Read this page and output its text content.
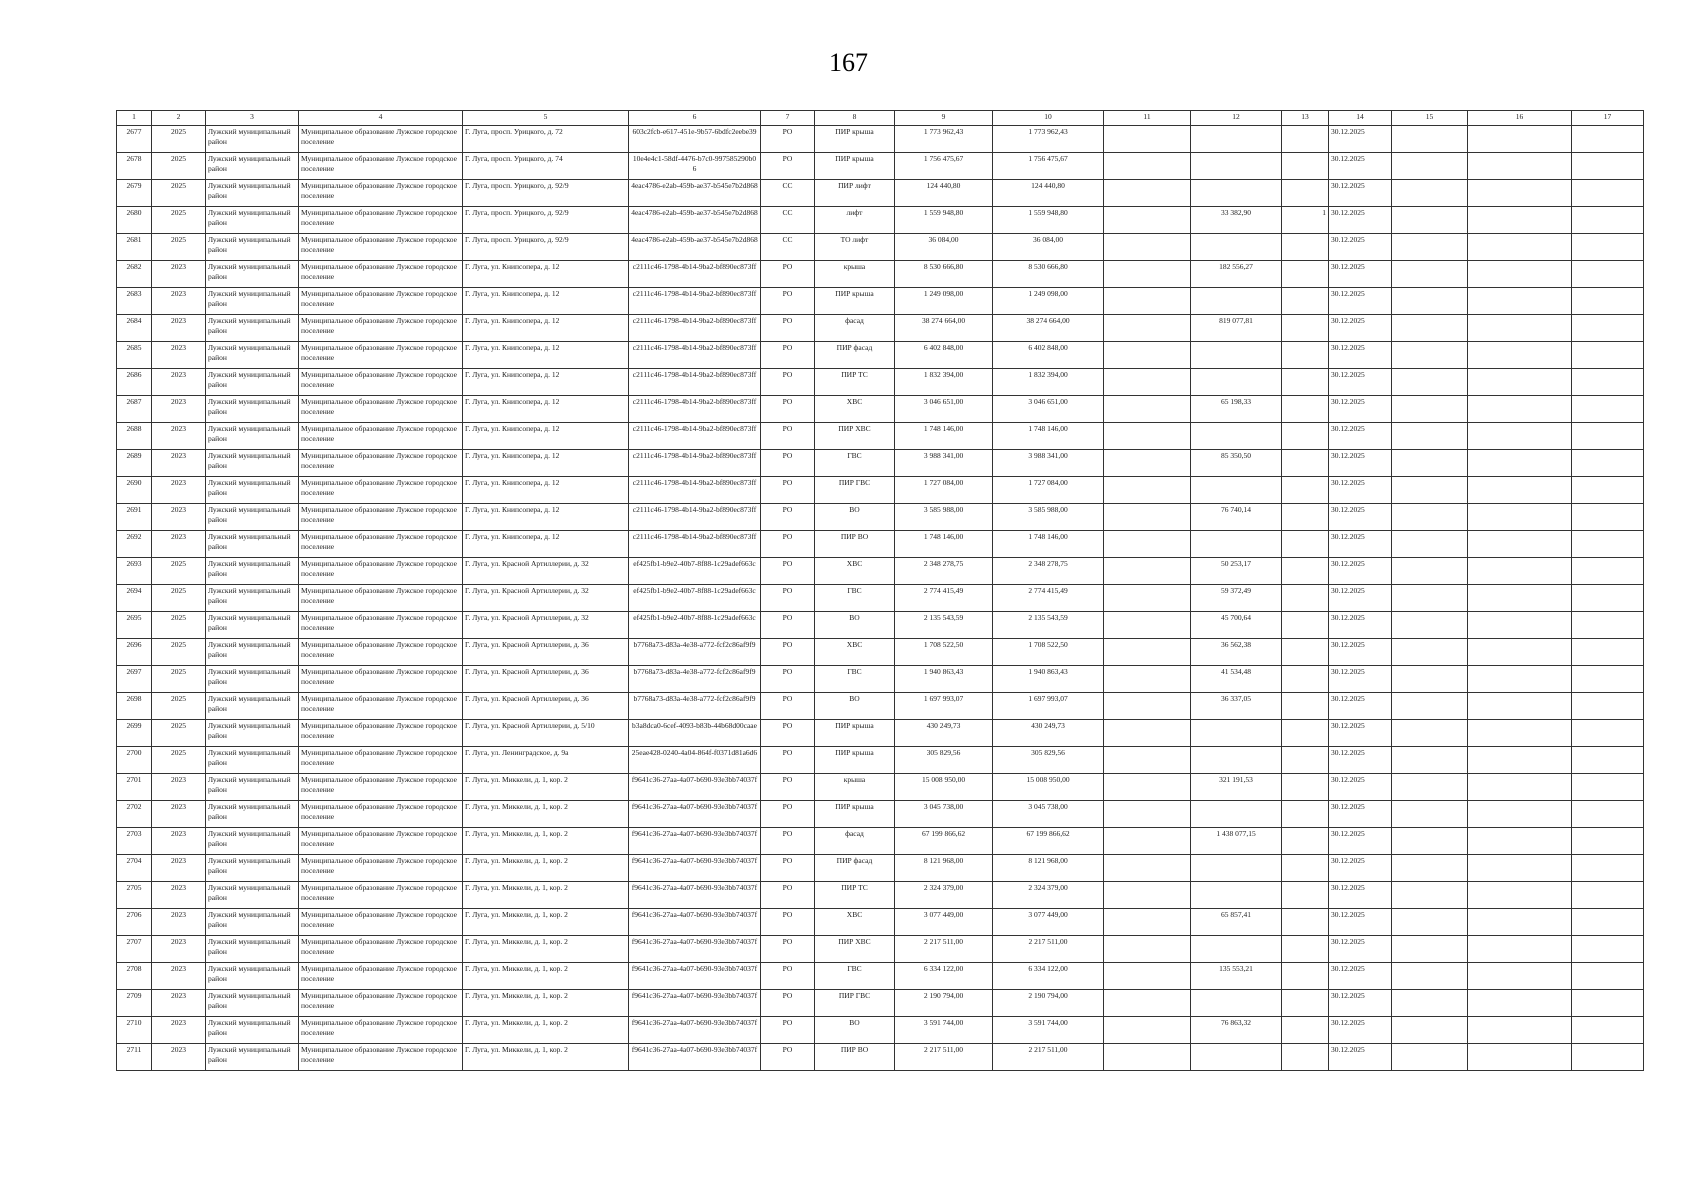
167
1	2	3	4	5	6	7	8	9	10	11	12	13	14	15	16	17
2677	2025	Лужский муниципальный район	Муниципальное образование Лужское городское поселение	Г. Луга, просп. Урицкого, д. 72	603c2fcb-e617-451e-9b57-6bdfc2eebe39	РО	ПИР крыша	1 773 962,43	1 773 962,43				30.12.2025			
2678	2025	Лужский муниципальный район	Муниципальное образование Лужское городское поселение	Г. Луга, просп. Урицкого, д. 74	10e4e4c1-58df-4476-b7c0-997585290b06	РО	ПИР крыша	1 756 475,67	1 756 475,67				30.12.2025			
2679	2025	Лужский муниципальный район	Муниципальное образование Лужское городское поселение	Г. Луга, просп. Урицкого, д. 92/9	4eac4786-e2ab-459b-ae37-b545e7b2d868	СС	ПИР лифт	124 440,80	124 440,80				30.12.2025			
2680	2025	Лужский муниципальный район	Муниципальное образование Лужское городское поселение	Г. Луга, просп. Урицкого, д. 92/9	4eac4786-e2ab-459b-ae37-b545e7b2d868	СС	лифт	1 559 948,80	1 559 948,80		33 382,90	1	30.12.2025			
2681	2025	Лужский муниципальный район	Муниципальное образование Лужское городское поселение	Г. Луга, просп. Урицкого, д. 92/9	4eac4786-e2ab-459b-ae37-b545e7b2d868	СС	ТО лифт	36 084,00	36 084,00				30.12.2025			
2682	2023	Лужский муниципальный район	Муниципальное образование Лужское городское поселение	Г. Луга, ул. Книпсопера, д. 12	c2111c46-1798-4b14-9ba2-bf890ec873ff	РО	крыша	8 530 666,80	8 530 666,80		182 556,27		30.12.2025			
2683	2023	Лужский муниципальный район	Муниципальное образование Лужское городское поселение	Г. Луга, ул. Книпсопера, д. 12	c2111c46-1798-4b14-9ba2-bf890ec873ff	РО	ПИР крыша	1 249 098,00	1 249 098,00				30.12.2025			
2684	2023	Лужский муниципальный район	Муниципальное образование Лужское городское поселение	Г. Луга, ул. Книпсопера, д. 12	c2111c46-1798-4b14-9ba2-bf890ec873ff	РО	фасад	38 274 664,00	38 274 664,00		819 077,81		30.12.2025			
2685	2023	Лужский муниципальный район	Муниципальное образование Лужское городское поселение	Г. Луга, ул. Книпсопера, д. 12	c2111c46-1798-4b14-9ba2-bf890ec873ff	РО	ПИР фасад	6 402 848,00	6 402 848,00				30.12.2025			
2686	2023	Лужский муниципальный район	Муниципальное образование Лужское городское поселение	Г. Луга, ул. Книпсопера, д. 12	c2111c46-1798-4b14-9ba2-bf890ec873ff	РО	ПИР ТС	1 832 394,00	1 832 394,00				30.12.2025			
2687	2023	Лужский муниципальный район	Муниципальное образование Лужское городское поселение	Г. Луга, ул. Книпсопера, д. 12	c2111c46-1798-4b14-9ba2-bf890ec873ff	РО	ХВС	3 046 651,00	3 046 651,00		65 198,33		30.12.2025			
2688	2023	Лужский муниципальный район	Муниципальное образование Лужское городское поселение	Г. Луга, ул. Книпсопера, д. 12	c2111c46-1798-4b14-9ba2-bf890ec873ff	РО	ПИР ХВС	1 748 146,00	1 748 146,00				30.12.2025			
2689	2023	Лужский муниципальный район	Муниципальное образование Лужское городское поселение	Г. Луга, ул. Книпсопера, д. 12	c2111c46-1798-4b14-9ba2-bf890ec873ff	РО	ГВС	3 988 341,00	3 988 341,00		85 350,50		30.12.2025			
2690	2023	Лужский муниципальный район	Муниципальное образование Лужское городское поселение	Г. Луга, ул. Книпсопера, д. 12	c2111c46-1798-4b14-9ba2-bf890ec873ff	РО	ПИР ГВС	1 727 084,00	1 727 084,00				30.12.2025			
2691	2023	Лужский муниципальный район	Муниципальное образование Лужское городское поселение	Г. Луга, ул. Книпсопера, д. 12	c2111c46-1798-4b14-9ba2-bf890ec873ff	РО	ВО	3 585 988,00	3 585 988,00		76 740,14		30.12.2025			
2692	2023	Лужский муниципальный район	Муниципальное образование Лужское городское поселение	Г. Луга, ул. Книпсопера, д. 12	c2111c46-1798-4b14-9ba2-bf890ec873ff	РО	ПИР ВО	1 748 146,00	1 748 146,00				30.12.2025			
2693	2025	Лужский муниципальный район	Муниципальное образование Лужское городское поселение	Г. Луга, ул. Красной Артиллерии, д. 32	ef425fb1-b9e2-40b7-8f88-1c29adef663c	РО	ХВС	2 348 278,75	2 348 278,75		50 253,17		30.12.2025			
2694	2025	Лужский муниципальный район	Муниципальное образование Лужское городское поселение	Г. Луга, ул. Красной Артиллерии, д. 32	ef425fb1-b9e2-40b7-8f88-1c29adef663c	РО	ГВС	2 774 415,49	2 774 415,49		59 372,49		30.12.2025			
2695	2025	Лужский муниципальный район	Муниципальное образование Лужское городское поселение	Г. Луга, ул. Красной Артиллерии, д. 32	ef425fb1-b9e2-40b7-8f88-1c29adef663c	РО	ВО	2 135 543,59	2 135 543,59		45 700,64		30.12.2025			
2696	2025	Лужский муниципальный район	Муниципальное образование Лужское городское поселение	Г. Луга, ул. Красной Артиллерии, д. 36	b7768a73-d83a-4e38-a772-fcf2c86af9f9	РО	ХВС	1 708 522,50	1 708 522,50		36 562,38		30.12.2025			
2697	2025	Лужский муниципальный район	Муниципальное образование Лужское городское поселение	Г. Луга, ул. Красной Артиллерии, д. 36	b7768a73-d83a-4e38-a772-fcf2c86af9f9	РО	ГВС	1 940 863,43	1 940 863,43		41 534,48		30.12.2025			
2698	2025	Лужский муниципальный район	Муниципальное образование Лужское городское поселение	Г. Луга, ул. Красной Артиллерии, д. 36	b7768a73-d83a-4e38-a772-fcf2c86af9f9	РО	ВО	1 697 993,07	1 697 993,07		36 337,05		30.12.2025			
2699	2025	Лужский муниципальный район	Муниципальное образование Лужское городское поселение	Г. Луга, ул. Красной Артиллерии, д. 5/10	b3a8dca0-6cef-4093-b83b-44b68d00caae	РО	ПИР крыша	430 249,73	430 249,73				30.12.2025			
2700	2025	Лужский муниципальный район	Муниципальное образование Лужское городское поселение	Г. Луга, ул. Ленинградское, д. 9а	25eae428-0240-4a04-864f-f0371d81a6d6	РО	ПИР крыша	305 829,56	305 829,56				30.12.2025			
2701	2023	Лужский муниципальный район	Муниципальное образование Лужское городское поселение	Г. Луга, ул. Миккели, д. 1, кор. 2	f9641c36-27aa-4a07-b690-93e3bb74037f	РО	крыша	15 008 950,00	15 008 950,00		321 191,53		30.12.2025			
2702	2023	Лужский муниципальный район	Муниципальное образование Лужское городское поселение	Г. Луга, ул. Миккели, д. 1, кор. 2	f9641c36-27aa-4a07-b690-93e3bb74037f	РО	ПИР крыша	3 045 738,00	3 045 738,00				30.12.2025			
2703	2023	Лужский муниципальный район	Муниципальное образование Лужское городское поселение	Г. Луга, ул. Миккели, д. 1, кор. 2	f9641c36-27aa-4a07-b690-93e3bb74037f	РО	фасад	67 199 866,62	67 199 866,62		1 438 077,15		30.12.2025			
2704	2023	Лужский муниципальный район	Муниципальное образование Лужское городское поселение	Г. Луга, ул. Миккели, д. 1, кор. 2	f9641c36-27aa-4a07-b690-93e3bb74037f	РО	ПИР фасад	8 121 968,00	8 121 968,00				30.12.2025			
2705	2023	Лужский муниципальный район	Муниципальное образование Лужское городское поселение	Г. Луга, ул. Миккели, д. 1, кор. 2	f9641c36-27aa-4a07-b690-93e3bb74037f	РО	ПИР ТС	2 324 379,00	2 324 379,00				30.12.2025			
2706	2023	Лужский муниципальный район	Муниципальное образование Лужское городское поселение	Г. Луга, ул. Миккели, д. 1, кор. 2	f9641c36-27aa-4a07-b690-93e3bb74037f	РО	ХВС	3 077 449,00	3 077 449,00		65 857,41		30.12.2025			
2707	2023	Лужский муниципальный район	Муниципальное образование Лужское городское поселение	Г. Луга, ул. Миккели, д. 1, кор. 2	f9641c36-27aa-4a07-b690-93e3bb74037f	РО	ПИР ХВС	2 217 511,00	2 217 511,00				30.12.2025			
2708	2023	Лужский муниципальный район	Муниципальное образование Лужское городское поселение	Г. Луга, ул. Миккели, д. 1, кор. 2	f9641c36-27aa-4a07-b690-93e3bb74037f	РО	ГВС	6 334 122,00	6 334 122,00		135 553,21		30.12.2025			
2709	2023	Лужский муниципальный район	Муниципальное образование Лужское городское поселение	Г. Луга, ул. Миккели, д. 1, кор. 2	f9641c36-27aa-4a07-b690-93e3bb74037f	РО	ПИР ГВС	2 190 794,00	2 190 794,00				30.12.2025			
2710	2023	Лужский муниципальный район	Муниципальное образование Лужское городское поселение	Г. Луга, ул. Миккели, д. 1, кор. 2	f9641c36-27aa-4a07-b690-93e3bb74037f	РО	ВО	3 591 744,00	3 591 744,00		76 863,32		30.12.2025			
2711	2023	Лужский муниципальный район	Муниципальное образование Лужское городское поселение	Г. Луга, ул. Миккели, д. 1, кор. 2	f9641c36-27aa-4a07-b690-93e3bb74037f	РО	ПИР ВО	2 217 511,00	2 217 511,00				30.12.2025			
